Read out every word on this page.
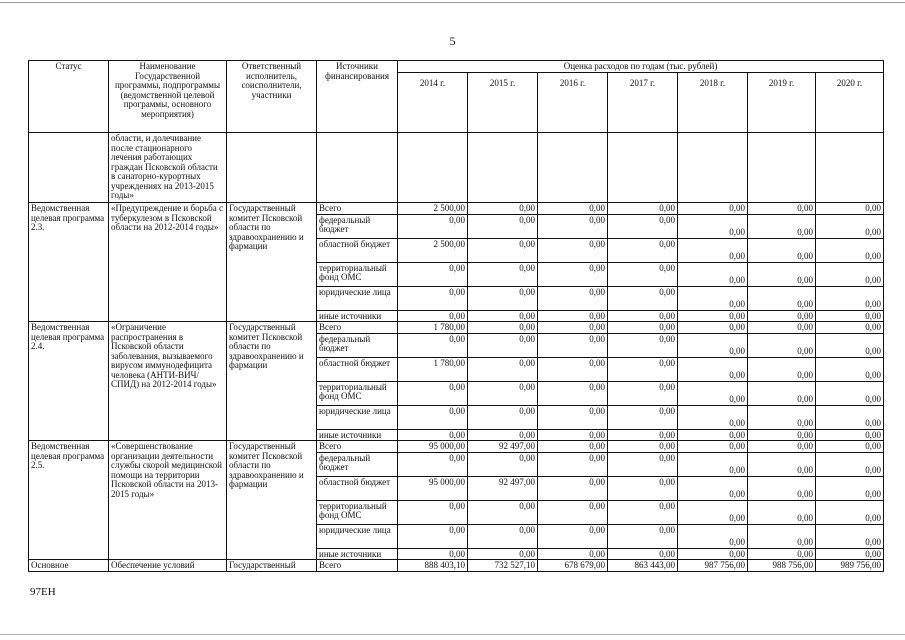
5
Статус	Наименование Государственной программы, подпрограммы (ведомственной целевой программы, основного мероприятия)	Ответственный исполнитель, соисполнители, участники	Источники финансирования	Оценка расходов по годам (тыс. рублей)						
				2014 г.	2015 г.	2016 г.	2017 г.	2018 г.	2019 г.	2020 г.
	области, и долечивание после стационарного лечения работающих граждан Псковской области в санаторно-курортных учреждениях на 2013-2015 годы»									
Ведомственная целевая программа 2.3.	«Предупреждение и борьба с туберкулезом в Псковской области на 2012-2014 годы»	Государственный комитет Псковской области по здравоохранению и фармации	Всего	2 500,00	0,00	0,00	0,00	0,00	0,00	0,00
			федеральный бюджет	0,00	0,00	0,00	0,00	0,00	0,00	0,00
			областной бюджет	2 500,00	0,00	0,00	0,00	0,00	0,00	0,00
			территориальный фонд ОМС	0,00	0,00	0,00	0,00	0,00	0,00	0,00
			юридические лица	0,00	0,00	0,00	0,00	0,00	0,00	0,00
			иные источники	0,00	0,00	0,00	0,00	0,00	0,00	0,00
Ведомственная целевая программа 2.4.	«Ограничение распространения в Псковской области заболевания, вызываемого вирусом иммунодефицита человека (АНТИ-ВИЧ/СПИД) на 2012-2014 годы»	Государственный комитет Псковской области по здравоохранению и фармации	Всего	1 780,00	0,00	0,00	0,00	0,00	0,00	0,00
			федеральный бюджет	0,00	0,00	0,00	0,00	0,00	0,00	0,00
			областной бюджет	1 780,00	0,00	0,00	0,00	0,00	0,00	0,00
			территориальный фонд ОМС	0,00	0,00	0,00	0,00	0,00	0,00	0,00
			юридические лица	0,00	0,00	0,00	0,00	0,00	0,00	0,00
			иные источники	0,00	0,00	0,00	0,00	0,00	0,00	0,00
Ведомственная целевая программа 2.5.	«Совершенствование организации деятельности службы скорой медицинской помощи на территории Псковской области на 2013-2015 годы»	Государственный комитет Псковской области по здравоохранению и фармации	Всего	95 000,00	92 497,00	0,00	0,00	0,00	0,00	0,00
			федеральный бюджет	0,00	0,00	0,00	0,00	0,00	0,00	0,00
			областной бюджет	95 000,00	92 497,00	0,00	0,00	0,00	0,00	0,00
			территориальный фонд ОМС	0,00	0,00	0,00	0,00	0,00	0,00	0,00
			юридические лица	0,00	0,00	0,00	0,00	0,00	0,00	0,00
			иные источники	0,00	0,00	0,00	0,00	0,00	0,00	0,00
Основное	Обеспечение условий	Государственный	Всего	888 403,10	732 527,10	678 679,00	863 443,00	987 756,00	988 756,00	989 756,00
97ЕН
